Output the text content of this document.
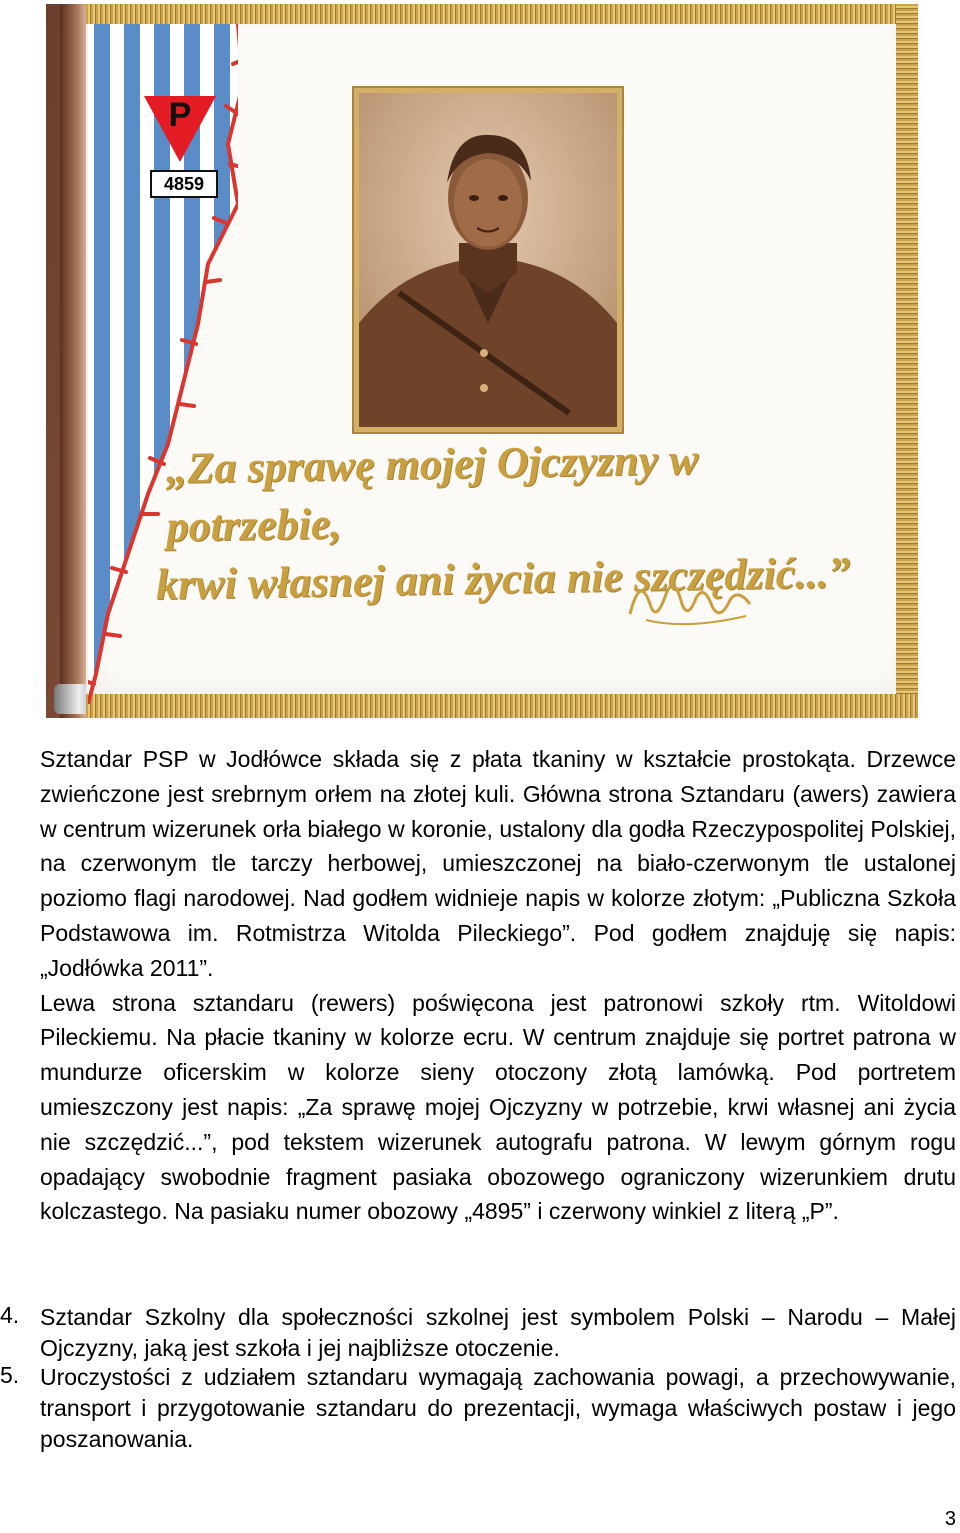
P
4859
„Za sprawę mojej Ojczyzny w potrzebie,
krwi własnej ani życia nie szczędzić...”

Sztandar PSP w Jodłówce składa się z płata tkaniny w kształcie prostokąta. Drzewce zwieńczone jest srebrnym orłem na złotej kuli. Główna strona Sztandaru (awers) zawiera w centrum wizerunek orła białego w koronie, ustalony dla godła Rzeczypospolitej Polskiej, na czerwonym tle tarczy herbowej, umieszczonej na biało-czerwonym tle ustalonej poziomo flagi narodowej. Nad godłem widnieje napis w kolorze złotym: „Publiczna Szkoła Podstawowa im. Rotmistrza Witolda Pileckiego”. Pod godłem znajduję się napis: „Jodłówka 2011”.

Lewa strona sztandaru (rewers) poświęcona jest patronowi szkoły rtm. Witoldowi Pileckiemu. Na płacie tkaniny w kolorze ecru. W centrum znajduje się portret patrona w mundurze oficerskim w kolorze sieny otoczony złotą lamówką. Pod portretem umieszczony jest napis: „Za sprawę mojej Ojczyzny w potrzebie, krwi własnej ani życia nie szczędzić...”, pod tekstem wizerunek autografu patrona. W lewym górnym rogu opadający swobodnie fragment pasiaka obozowego ograniczony wizerunkiem drutu kolczastego. Na pasiaku numer obozowy „4895” i czerwony winkiel z literą „P”.

4. Sztandar Szkolny dla społeczności szkolnej jest symbolem Polski – Narodu – Małej Ojczyzny, jaką jest szkoła i jej najbliższe otoczenie.
5. Uroczystości z udziałem sztandaru wymagają zachowania powagi, a przechowywanie, transport i przygotowanie sztandaru do prezentacji, wymaga właściwych postaw i jego poszanowania.
3
